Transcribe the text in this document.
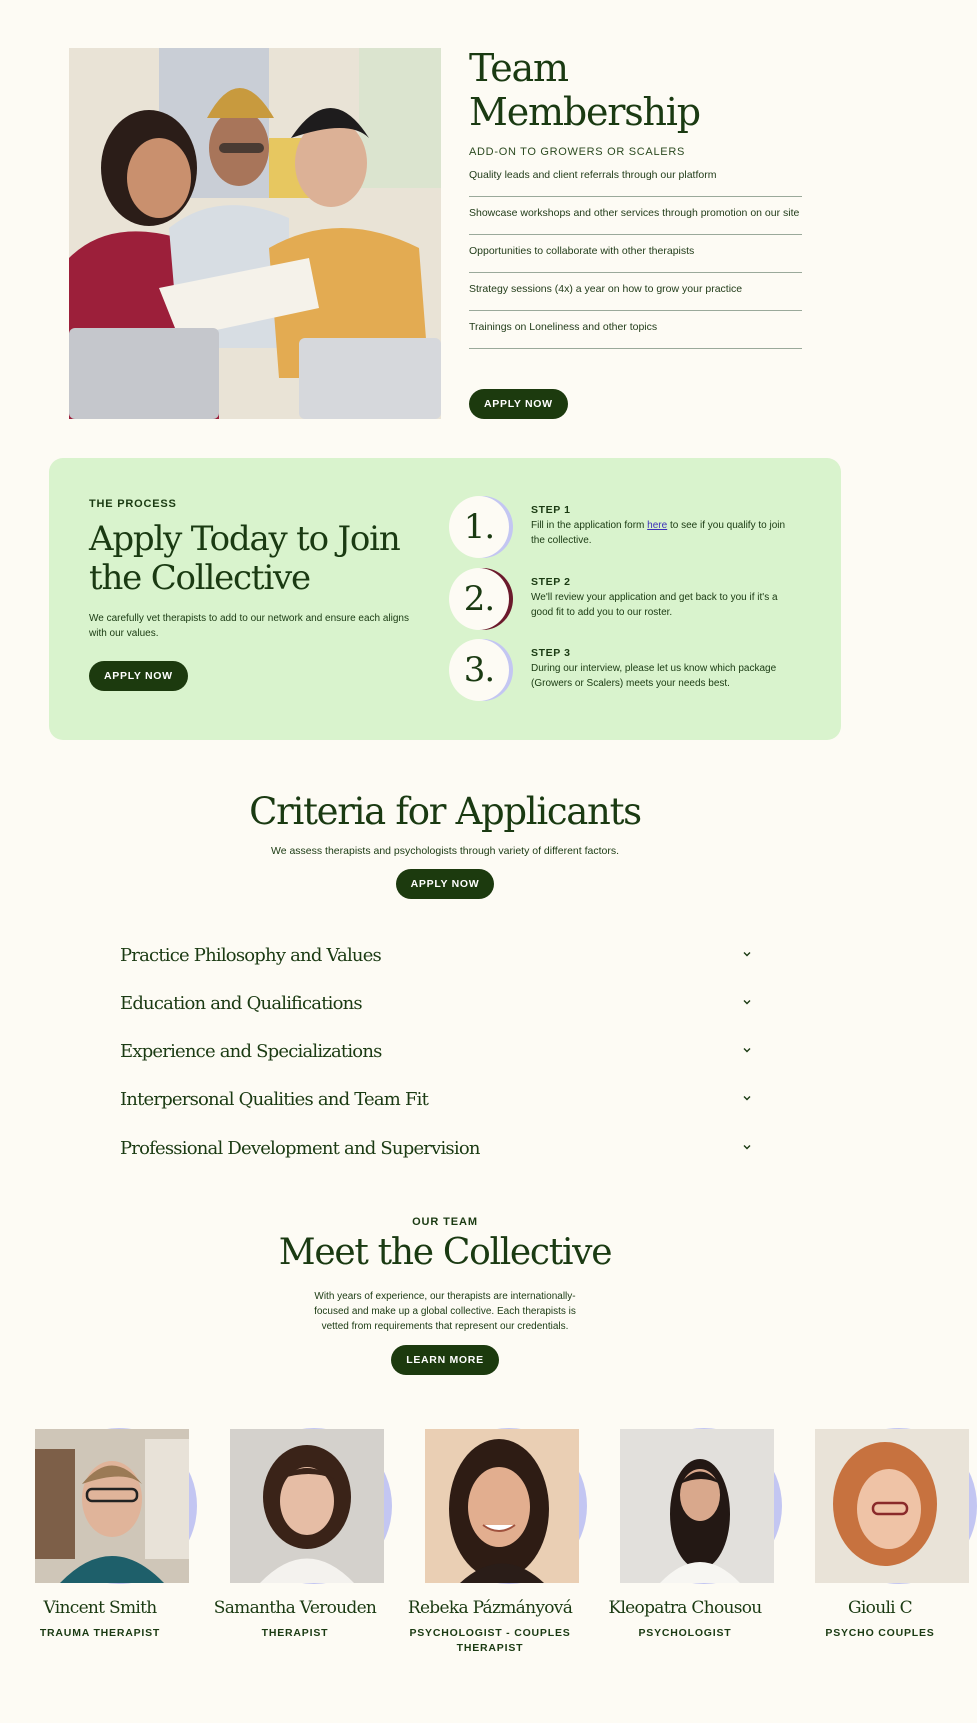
Team Membership
ADD-ON TO GROWERS OR SCALERS
Quality leads and client referrals through our platform
Showcase workshops and other services through promotion on our site
Opportunities to collaborate with other therapists
Strategy sessions (4x) a year on how to grow your practice
Trainings on Loneliness and other topics
APPLY NOW
THE PROCESS
Apply Today to Join the Collective

We carefully vet therapists to add to our network and ensure each aligns with our values.

APPLY NOW
1.	STEP 1
Fill in the application form here to see if you qualify to join the collective.
2.	STEP 2
We'll review your application and get back to you if it's a good fit to add you to our roster.
3.	STEP 3
During our interview, please let us know which package (Growers or Scalers) meets your needs best.
Criteria for Applicants

We assess therapists and psychologists through variety of different factors.

APPLY NOW
Practice Philosophy and Values
Education and Qualifications
Experience and Specializations
Interpersonal Qualities and Team Fit
Professional Development and Supervision
OUR TEAM
Meet the Collective

With years of experience, our therapists are internationally-focused and make up a global collective. Each therapists is vetted from requirements that represent our credentials.

LEARN MORE
Vincent Smith
TRAUMA THERAPIST
Samantha Verouden
THERAPIST
Rebeka Pázmányová
PSYCHOLOGIST - COUPLES THERAPIST
Kleopatra Chousou
PSYCHOLOGIST
Giouli C
PSYCHO COUPLES
